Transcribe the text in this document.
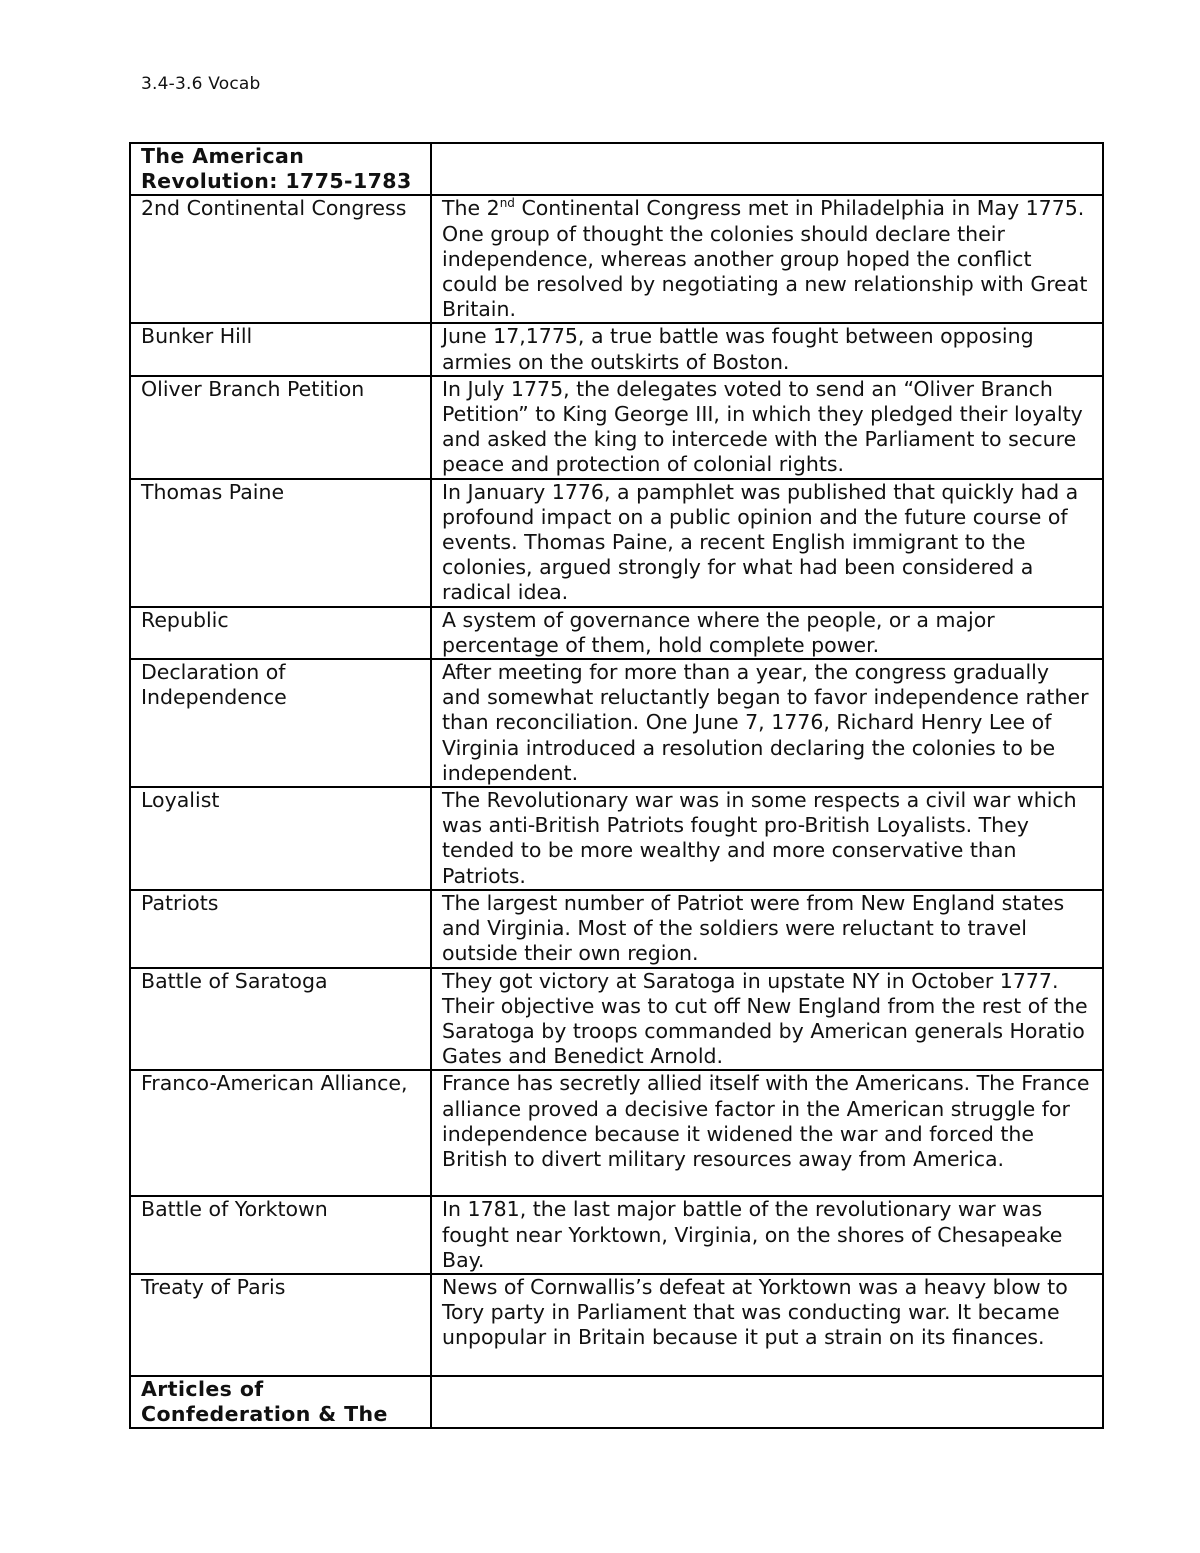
3.4-3.6 Vocab
The American Revolution: 1775-1783	
2nd Continental Congress	The 2nd Continental Congress met in Philadelphia in May 1775. One group of thought the colonies should declare their independence, whereas another group hoped the conflict could be resolved by negotiating a new relationship with Great Britain.
Bunker Hill	June 17,1775, a true battle was fought between opposing armies on the outskirts of Boston.
Oliver Branch Petition	In July 1775, the delegates voted to send an “Oliver Branch Petition” to King George III, in which they pledged their loyalty and asked the king to intercede with the Parliament to secure peace and protection of colonial rights.
Thomas Paine	In January 1776, a pamphlet was published that quickly had a profound impact on a public opinion and the future course of events. Thomas Paine, a recent English immigrant to the colonies, argued strongly for what had been considered a radical idea.
Republic	A system of governance where the people, or a major percentage of them, hold complete power.
Declaration of Independence	After meeting for more than a year, the congress gradually and somewhat reluctantly began to favor independence rather than reconciliation. One June 7, 1776, Richard Henry Lee of Virginia introduced a resolution declaring the colonies to be independent.
Loyalist	The Revolutionary war was in some respects a civil war which was anti-British Patriots fought pro-British Loyalists. They tended to be more wealthy and more conservative than Patriots.
Patriots	The largest number of Patriot were from New England states and Virginia. Most of the soldiers were reluctant to travel outside their own region.
Battle of Saratoga	They got victory at Saratoga in upstate NY in October 1777. Their objective was to cut off New England from the rest of the Saratoga by troops commanded by American generals Horatio Gates and Benedict Arnold.
Franco-American Alliance,	France has secretly allied itself with the Americans. The France alliance proved a decisive factor in the American struggle for independence because it widened the war and forced the British to divert military resources away from America.
Battle of Yorktown	In 1781, the last major battle of the revolutionary war was fought near Yorktown, Virginia, on the shores of Chesapeake Bay.
Treaty of Paris	News of Cornwallis’s defeat at Yorktown was a heavy blow to Tory party in Parliament that was conducting war. It became unpopular in Britain because it put a strain on its finances.
Articles of Confederation & The	
